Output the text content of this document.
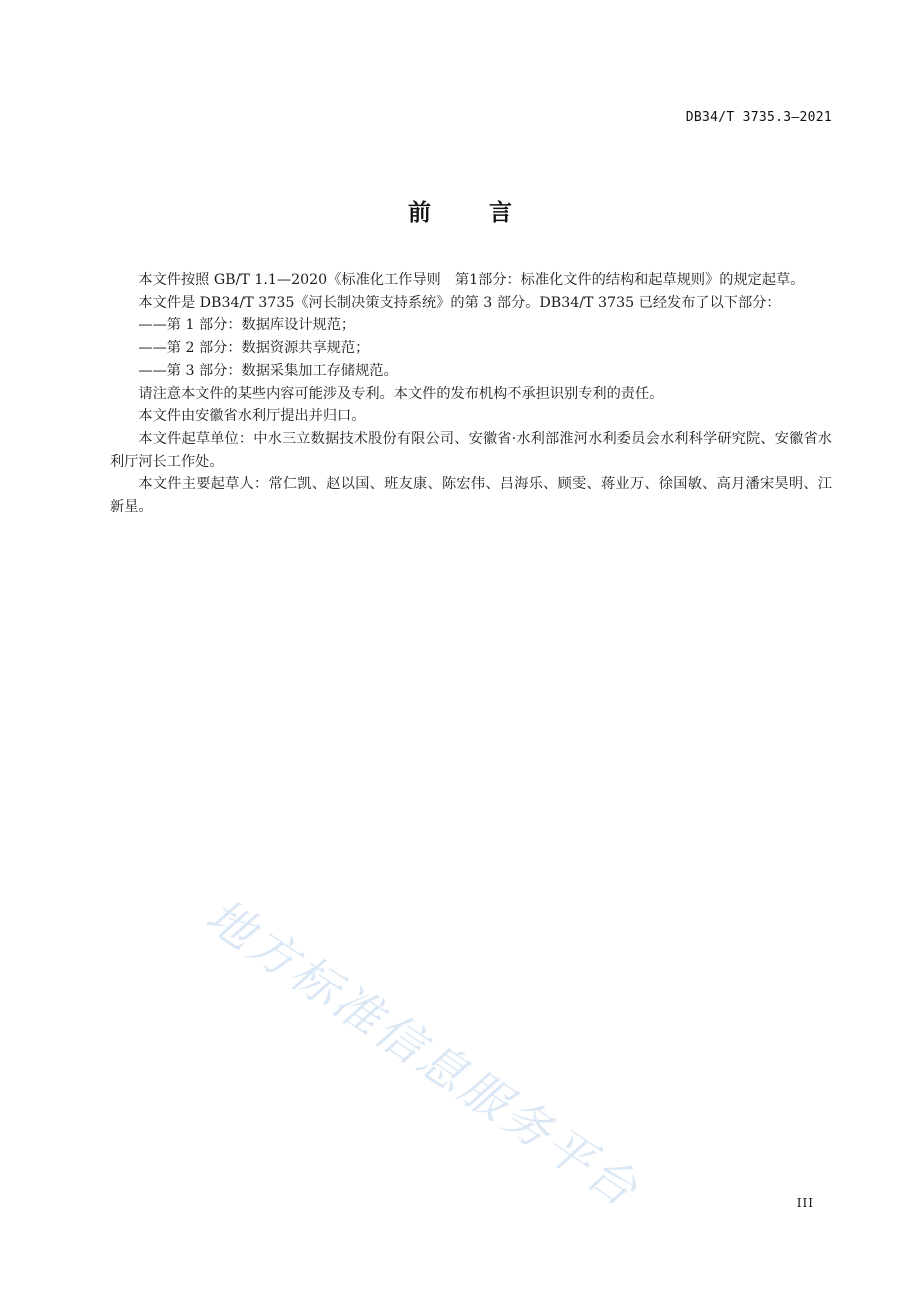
DB34/T 3735.3—2021
前言

本文件按照 GB/T 1.1—2020《标准化工作导则　第1部分：标准化文件的结构和起草规则》的规定起草。

本文件是 DB34/T 3735《河长制决策支持系统》的第 3 部分。DB34/T 3735 已经发布了以下部分：

——第 1 部分：数据库设计规范；

——第 2 部分：数据资源共享规范；

——第 3 部分：数据采集加工存储规范。

请注意本文件的某些内容可能涉及专利。本文件的发布机构不承担识别专利的责任。

本文件由安徽省水利厅提出并归口。

本文件起草单位：中水三立数据技术股份有限公司、安徽省·水利部淮河水利委员会水利科学研究院、安徽省水利厅河长工作处。

本文件主要起草人：常仁凯、赵以国、班友康、陈宏伟、吕海乐、顾雯、蒋业万、徐国敏、高月潘宋昊明、江新星。

地方标准信息服务平台	III
